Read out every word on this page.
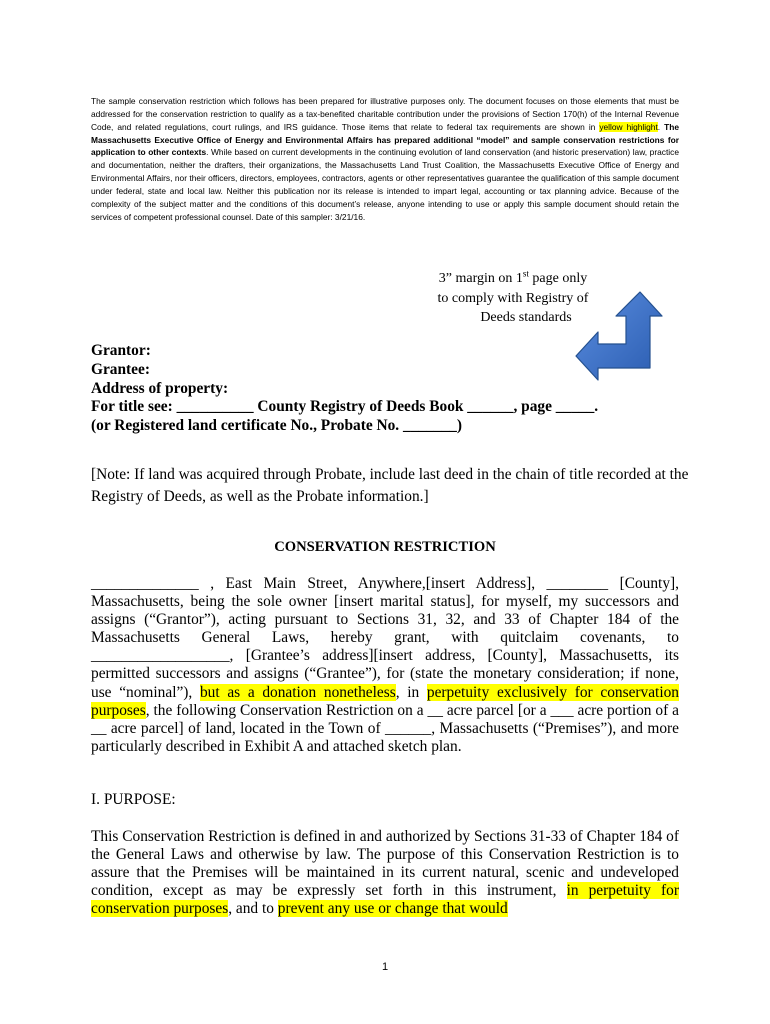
The sample conservation restriction which follows has been prepared for illustrative purposes only. The document focuses on those elements that must be addressed for the conservation restriction to qualify as a tax-benefited charitable contribution under the provisions of Section 170(h) of the Internal Revenue Code, and related regulations, court rulings, and IRS guidance. Those items that relate to federal tax requirements are shown in yellow highlight. The Massachusetts Executive Office of Energy and Environmental Affairs has prepared additional “model” and sample conservation restrictions for application to other contexts. While based on current developments in the continuing evolution of land conservation (and historic preservation) law, practice and documentation, neither the drafters, their organizations, the Massachusetts Land Trust Coalition, the Massachusetts Executive Office of Energy and Environmental Affairs, nor their officers, directors, employees, contractors, agents or other representatives guarantee the qualification of this sample document under federal, state and local law. Neither this publication nor its release is intended to impart legal, accounting or tax planning advice. Because of the complexity of the subject matter and the conditions of this document’s release, anyone intending to use or apply this sample document should retain the services of competent professional counsel. Date of this sampler: 3/21/16.

3” margin on 1st page only
to comply with Registry of
Deeds standards
Grantor:
Grantee:
Address of property:
For title see: __________ County Registry of Deeds Book ______, page _____.
(or Registered land certificate No., Probate No. _______)

[Note: If land was acquired through Probate, include last deed in the chain of title recorded at the Registry of Deeds, as well as the Probate information.]

CONSERVATION RESTRICTION

______________ , East Main Street, Anywhere,[insert Address], ________ [County], Massachusetts, being the sole owner [insert marital status], for myself, my successors and assigns (“Grantor”), acting pursuant to Sections 31, 32, and 33 of Chapter 184 of the Massachusetts General Laws, hereby grant, with quitclaim covenants, to __________________, [Grantee’s address][insert address, [County], Massachusetts, its permitted successors and assigns (“Grantee”), for (state the monetary consideration; if none, use “nominal”), but as a donation nonetheless, in perpetuity exclusively for conservation purposes, the following Conservation Restriction on a __ acre parcel [or a ___ acre portion of a __ acre parcel] of land, located in the Town of ______, Massachusetts (“Premises”), and more particularly described in Exhibit A and attached sketch plan.

I. PURPOSE:

This Conservation Restriction is defined in and authorized by Sections 31-33 of Chapter 184 of the General Laws and otherwise by law. The purpose of this Conservation Restriction is to assure that the Premises will be maintained in its current natural, scenic and undeveloped condition, except as may be expressly set forth in this instrument, in perpetuity for conservation purposes, and to prevent any use or change that would

1
